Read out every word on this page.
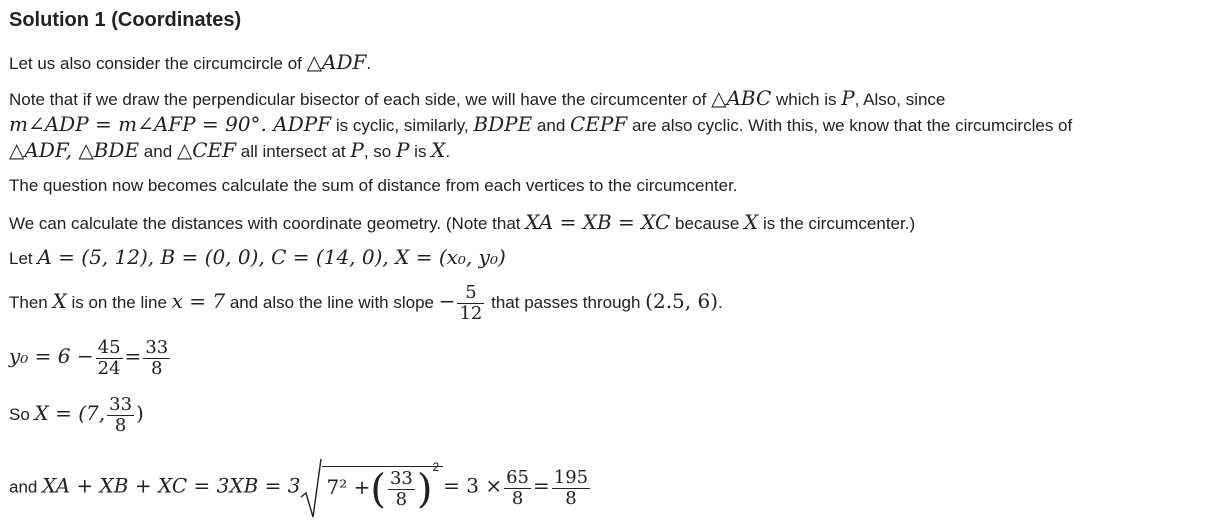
Solution 1 (Coordinates)
Let us also consider the circumcircle of △ADF.
Note that if we draw the perpendicular bisector of each side, we will have the circumcenter of △ABC which is P, Also, since
m∠ADP = m∠AFP = 90°. ADPF is cyclic, similarly, BDPE and CEPF are also cyclic. With this, we know that the circumcircles of
△ADF, △BDE and △CEF all intersect at P, so P is X.
The question now becomes calculate the sum of distance from each vertices to the circumcenter.
We can calculate the distances with coordinate geometry. (Note that XA = XB = XC because X is the circumcenter.)
Let A = (5, 12), B = (0, 0), C = (14, 0), X = (x₀, y₀)
Then X is on the line x = 7 and also the line with slope − $\frac{5}{12}$ that passes through (2.5, 6).
$y_0 = 6 - \frac{45}{24} = \frac{33}{8}$
So X = (7, $\frac{33}{8}$ )
and XA + XB + XC = 3XB = 3 7² +( $\frac{33}{8} )^2= 3 \times \frac{65}{8} = \frac{195}{8}$
